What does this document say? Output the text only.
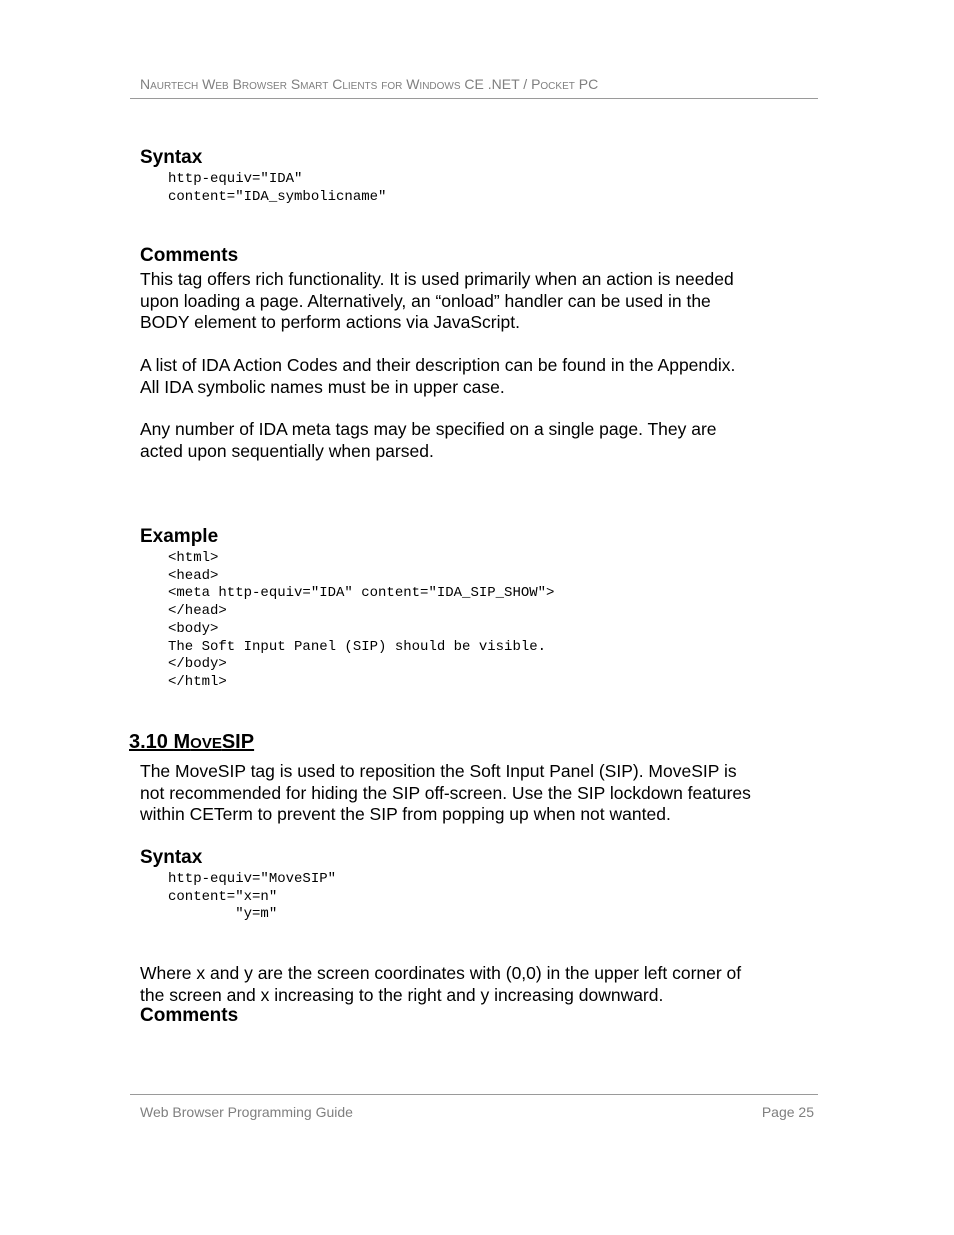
Naurtech Web Browser Smart Clients for Windows CE .NET / Pocket PC
Syntax
http-equiv="IDA"
content="IDA_symbolicname"
Comments
This tag offers rich functionality. It is used primarily when an action is needed
upon loading a page. Alternatively, an “onload” handler can be used in the
BODY element to perform actions via JavaScript.
A list of IDA Action Codes and their description can be found in the Appendix.
All IDA symbolic names must be in upper case.
Any number of IDA meta tags may be specified on a single page. They are
acted upon sequentially when parsed.
Example
<html>
<head>
<meta http-equiv="IDA" content="IDA_SIP_SHOW">
</head>
<body>
The Soft Input Panel (SIP) should be visible.
</body>
</html>
3.10 MOVESIP
The MoveSIP tag is used to reposition the Soft Input Panel (SIP). MoveSIP is
not recommended for hiding the SIP off-screen. Use the SIP lockdown features
within CETerm to prevent the SIP from popping up when not wanted.
Syntax
http-equiv="MoveSIP"
content="x=n"
"y=m"
Where x and y are the screen coordinates with (0,0) in the upper left corner of
the screen and x increasing to the right and y increasing downward.
Comments
Web Browser Programming Guide	Page 25
